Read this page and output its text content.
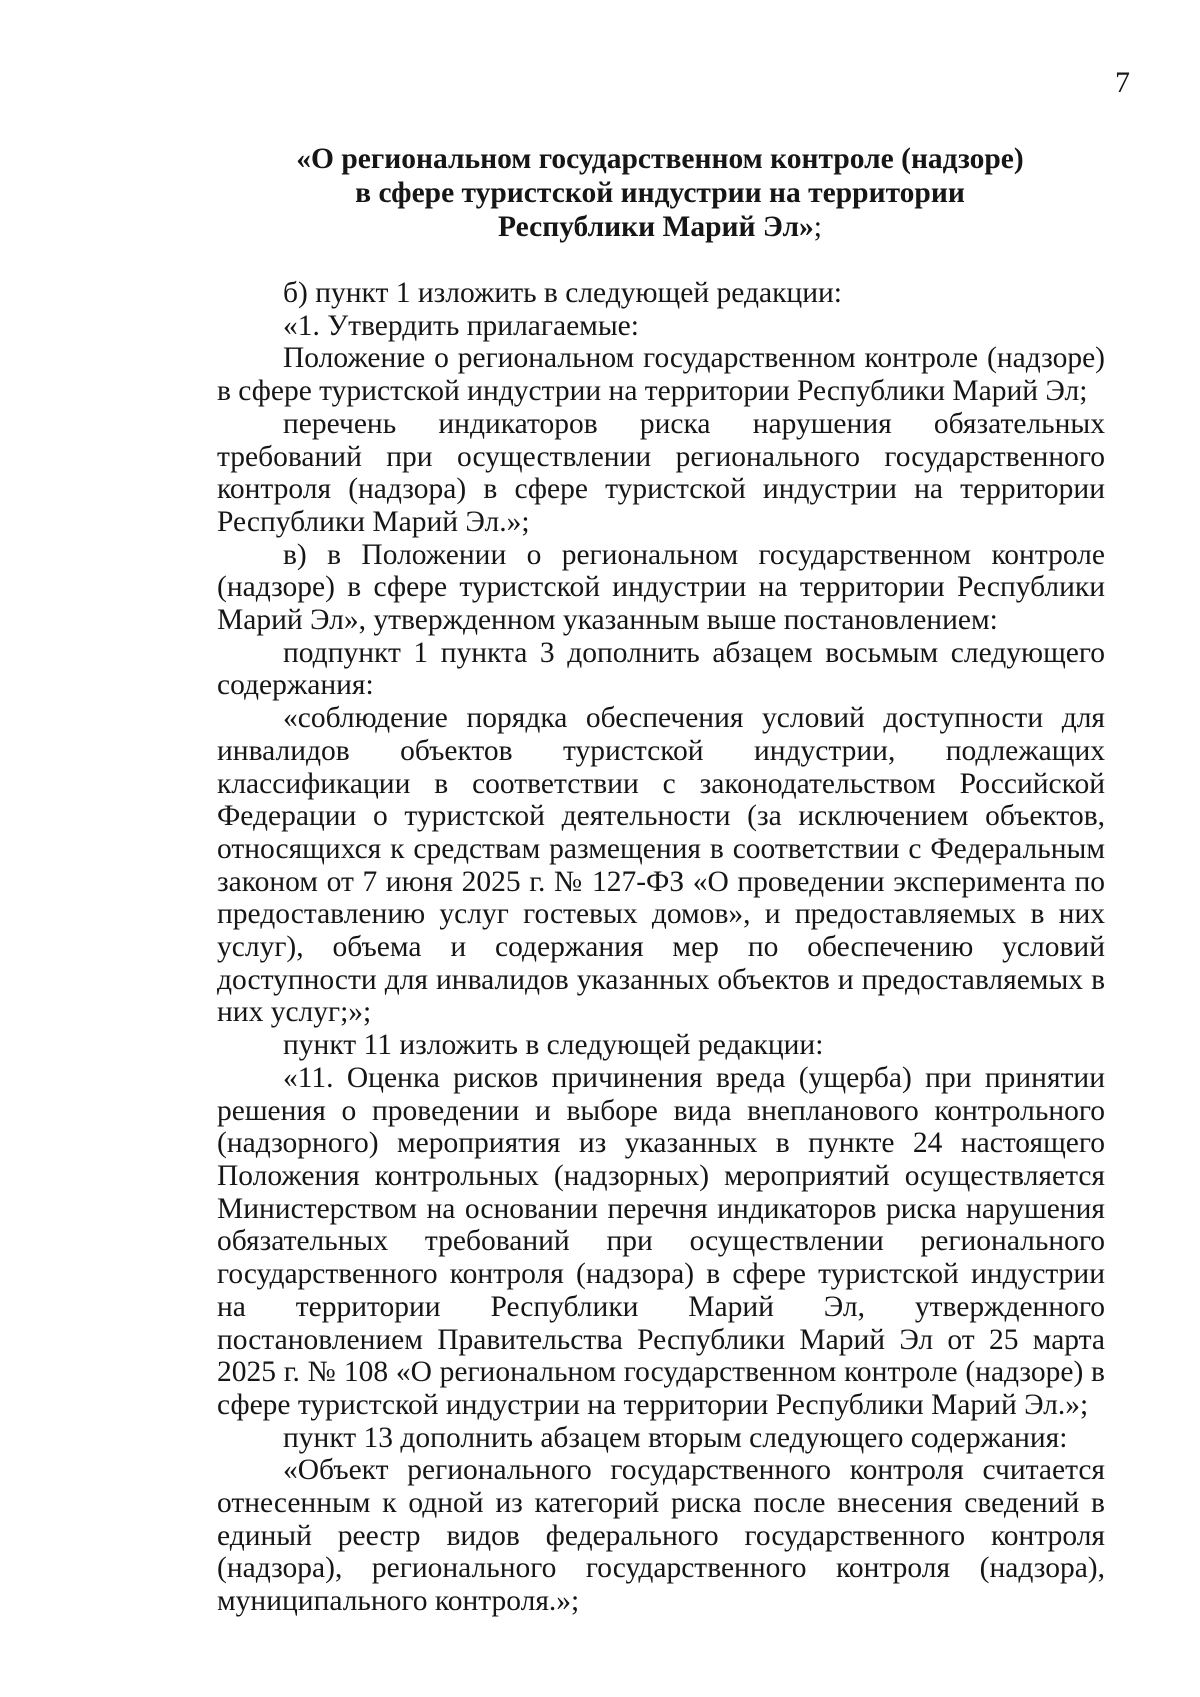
7
«О региональном государственном контроле (надзоре)
в сфере туристской индустрии на территории
Республики Марий Эл»;

б) пункт 1 изложить в следующей редакции:

«1. Утвердить прилагаемые:

Положение о региональном государственном контроле (надзоре) в сфере туристской индустрии на территории Республики Марий Эл;

перечень индикаторов риска нарушения обязательных требований при осуществлении регионального государственного контроля (надзора) в сфере туристской индустрии на территории Республики Марий Эл.»;

в) в Положении о региональном государственном контроле (надзоре) в сфере туристской индустрии на территории Республики Марий Эл», утвержденном указанным выше постановлением:

подпункт 1 пункта 3 дополнить абзацем восьмым следующего содержания:

«соблюдение порядка обеспечения условий доступности для инвалидов объектов туристской индустрии, подлежащих классификации в соответствии с законодательством Российской Федерации о туристской деятельности (за исключением объектов, относящихся к средствам размещения в соответствии с Федеральным законом от 7 июня 2025 г. № 127-ФЗ «О проведении эксперимента по предоставлению услуг гостевых домов», и предоставляемых в них услуг), объема и содержания мер по обеспечению условий доступности для инвалидов указанных объектов и предоставляемых в них услуг;»;

пункт 11 изложить в следующей редакции:

«11. Оценка рисков причинения вреда (ущерба) при принятии решения о проведении и выборе вида внепланового контрольного (надзорного) мероприятия из указанных в пункте 24 настоящего Положения контрольных (надзорных) мероприятий осуществляется Министерством на основании перечня индикаторов риска нарушения обязательных требований при осуществлении регионального государственного контроля (надзора) в сфере туристской индустрии на территории Республики Марий Эл, утвержденного постановлением Правительства Республики Марий Эл от 25 марта 2025 г. № 108 «О региональном государственном контроле (надзоре) в сфере туристской индустрии на территории Республики Марий Эл.»;

пункт 13 дополнить абзацем вторым следующего содержания:

«Объект регионального государственного контроля считается отнесенным к одной из категорий риска после внесения сведений в единый реестр видов федерального государственного контроля (надзора), регионального государственного контроля (надзора), муниципального контроля.»;
